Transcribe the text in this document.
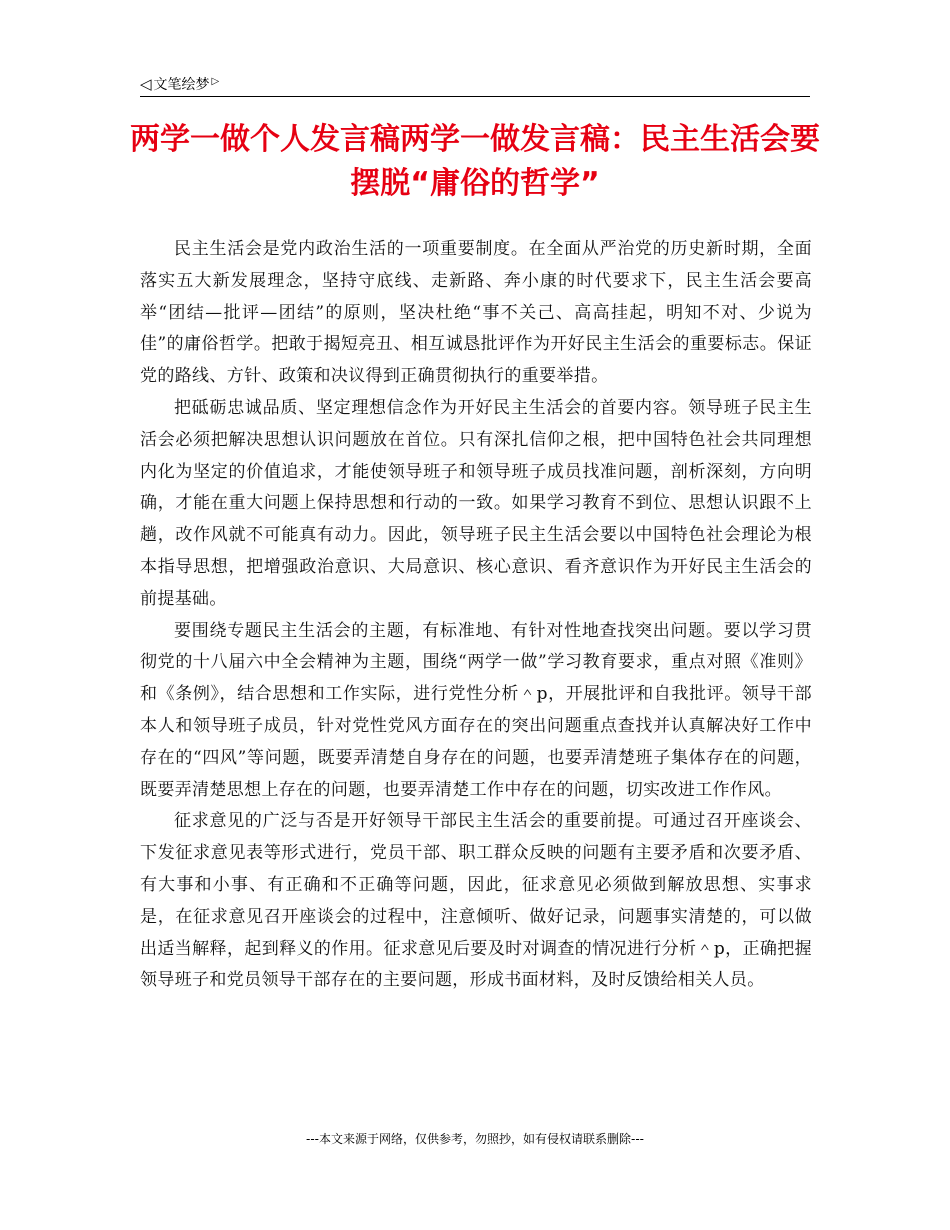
◁ 文笔绘梦 ▷
两学一做个人发言稿两学一做发言稿：民主生活会要摆脱“庸俗的哲学”

民主生活会是党内政治生活的一项重要制度。在全面从严治党的历史新时期，全面落实五大新发展理念，坚持守底线、走新路、奔小康的时代要求下，民主生活会要高举“团结—批评—团结”的原则，坚决杜绝“事不关己、高高挂起，明知不对、少说为佳”的庸俗哲学。把敢于揭短亮丑、相互诚恳批评作为开好民主生活会的重要标志。保证党的路线、方针、政策和决议得到正确贯彻执行的重要举措。

把砥砺忠诚品质、坚定理想信念作为开好民主生活会的首要内容。领导班子民主生活会必须把解决思想认识问题放在首位。只有深扎信仰之根，把中国特色社会共同理想内化为坚定的价值追求，才能使领导班子和领导班子成员找准问题，剖析深刻，方向明确，才能在重大问题上保持思想和行动的一致。如果学习教育不到位、思想认识跟不上趟，改作风就不可能真有动力。因此，领导班子民主生活会要以中国特色社会理论为根本指导思想，把增强政治意识、大局意识、核心意识、看齐意识作为开好民主生活会的前提基础。

要围绕专题民主生活会的主题，有标准地、有针对性地查找突出问题。要以学习贯彻党的十八届六中全会精神为主题，围绕“两学一做”学习教育要求，重点对照《准则》和《条例》，结合思想和工作实际，进行党性分析＾p，开展批评和自我批评。领导干部本人和领导班子成员，针对党性党风方面存在的突出问题重点查找并认真解决好工作中存在的“四风”等问题，既要弄清楚自身存在的问题，也要弄清楚班子集体存在的问题，既要弄清楚思想上存在的问题，也要弄清楚工作中存在的问题，切实改进工作作风。

征求意见的广泛与否是开好领导干部民主生活会的重要前提。可通过召开座谈会、下发征求意见表等形式进行，党员干部、职工群众反映的问题有主要矛盾和次要矛盾、有大事和小事、有正确和不正确等问题，因此，征求意见必须做到解放思想、实事求是，在征求意见召开座谈会的过程中，注意倾听、做好记录，问题事实清楚的，可以做出适当解释，起到释义的作用。征求意见后要及时对调查的情况进行分析＾p，正确把握领导班子和党员领导干部存在的主要问题，形成书面材料，及时反馈给相关人员。

---本文来源于网络，仅供参考，勿照抄，如有侵权请联系删除---
